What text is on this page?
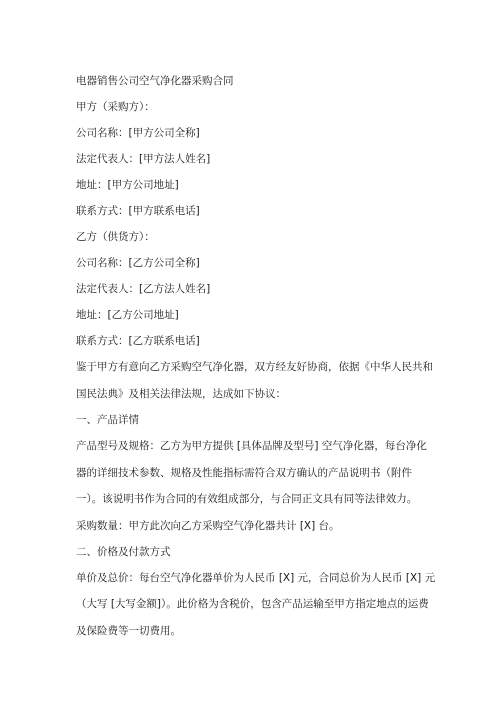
电器销售公司空气净化器采购合同

甲方（采购方）：

公司名称：[甲方公司全称]

法定代表人：[甲方法人姓名]

地址：[甲方公司地址]

联系方式：[甲方联系电话]

乙方（供货方）：

公司名称：[乙方公司全称]

法定代表人：[乙方法人姓名]

地址：[乙方公司地址]

联系方式：[乙方联系电话]

鉴于甲方有意向乙方采购空气净化器，双方经友好协商，依据《中华人民共和国民法典》及相关法律法规，达成如下协议：

一、产品详情

产品型号及规格：乙方为甲方提供 [具体品牌及型号] 空气净化器，每台净化器的详细技术参数、规格及性能指标需符合双方确认的产品说明书（附件一）。该说明书作为合同的有效组成部分，与合同正文具有同等法律效力。

采购数量：甲方此次向乙方采购空气净化器共计 [X] 台。

二、价格及付款方式

单价及总价：每台空气净化器单价为人民币 [X] 元，合同总价为人民币 [X] 元（大写 [大写金额]）。此价格为含税价，包含产品运输至甲方指定地点的运费及保险费等一切费用。
